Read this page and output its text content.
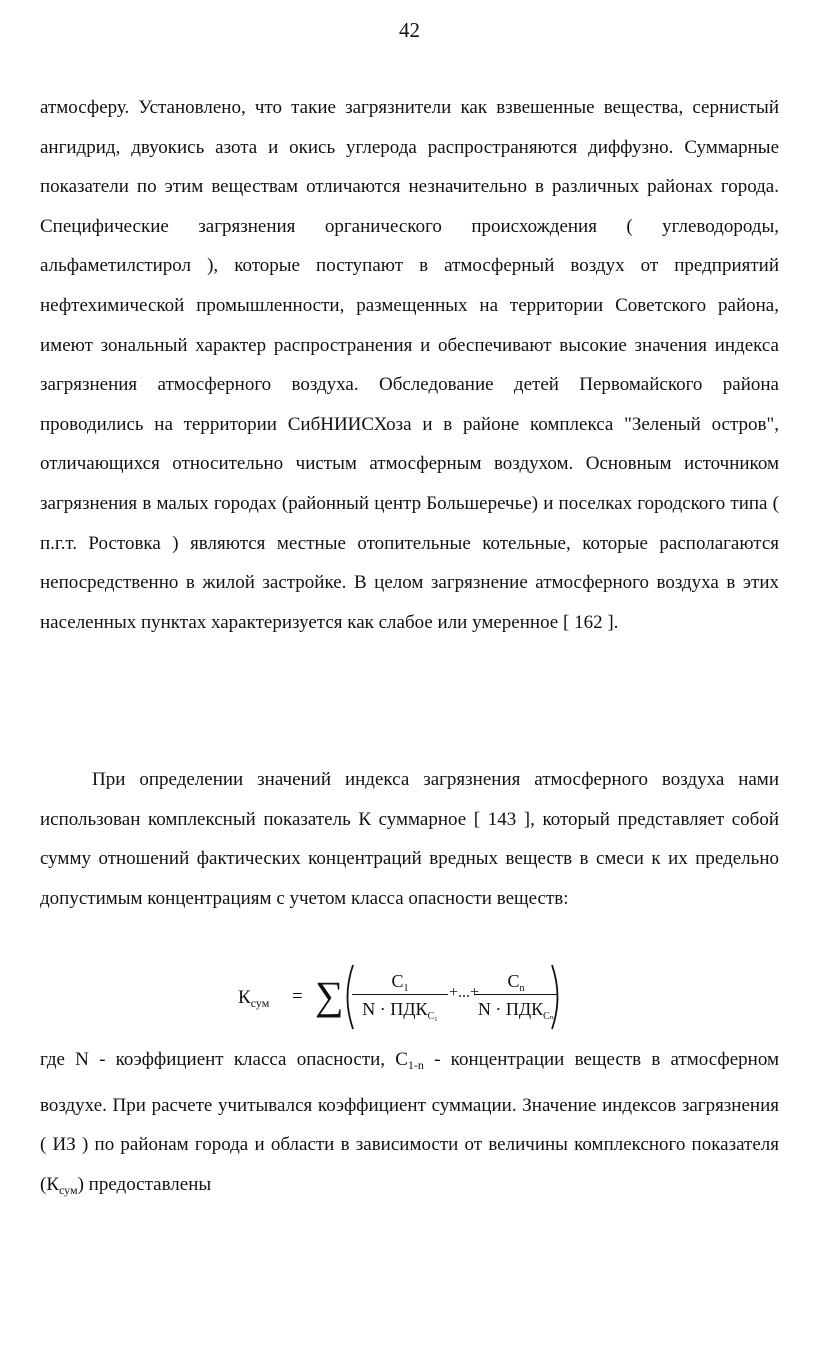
42
атмосферу. Установлено, что такие загрязнители как взвешенные вещества, сернистый ангидрид, двуокись азота и окись углерода распространяются диффузно. Суммарные показатели по этим веществам отличаются незначительно в различных районах города. Специфические загрязнения органического происхождения ( углеводороды, альфаметилстирол ), которые поступают в атмосферный воздух от предприятий нефтехимической промышленности, размещенных на территории Советского района, имеют зональный характер распространения и обеспечивают высокие значения индекса загрязнения атмосферного воздуха. Обследование детей Первомайского района проводились на территории СибНИИСХоза и в районе комплекса "Зеленый остров", отличающихся относительно чистым атмосферным воздухом. Основным источником загрязнения в малых городах (районный центр Большеречье) и поселках городского типа ( п.г.т. Ростовка ) являются местные отопительные котельные, которые располагаются непосредственно в жилой застройке. В целом загрязнение атмосферного воздуха в этих населенных пунктах характеризуется как слабое или умеренное [ 162 ].
При определении значений индекса загрязнения атмосферного воздуха нами использован комплексный показатель К суммарное [ 143 ], который представляет собой сумму отношений фактических концентраций вредных веществ в смеси к их предельно допустимым концентрациям с учетом класса опасности веществ:
$К_{сум}$ = ∑	$C_1$
$N \cdot ПДК_{C_1}$
+...+
$C_n$
$N \cdot ПДК_{C_n}$
где N - коэффициент класса опасности, $С_{1-n}$ - концентрации веществ в атмосферном воздухе. При расчете учитывался коэффициент суммации. Значение индексов загрязнения ( ИЗ ) по районам города и области в зависимости от величины комплексного показателя $(К_{сум})$ предоставлены
